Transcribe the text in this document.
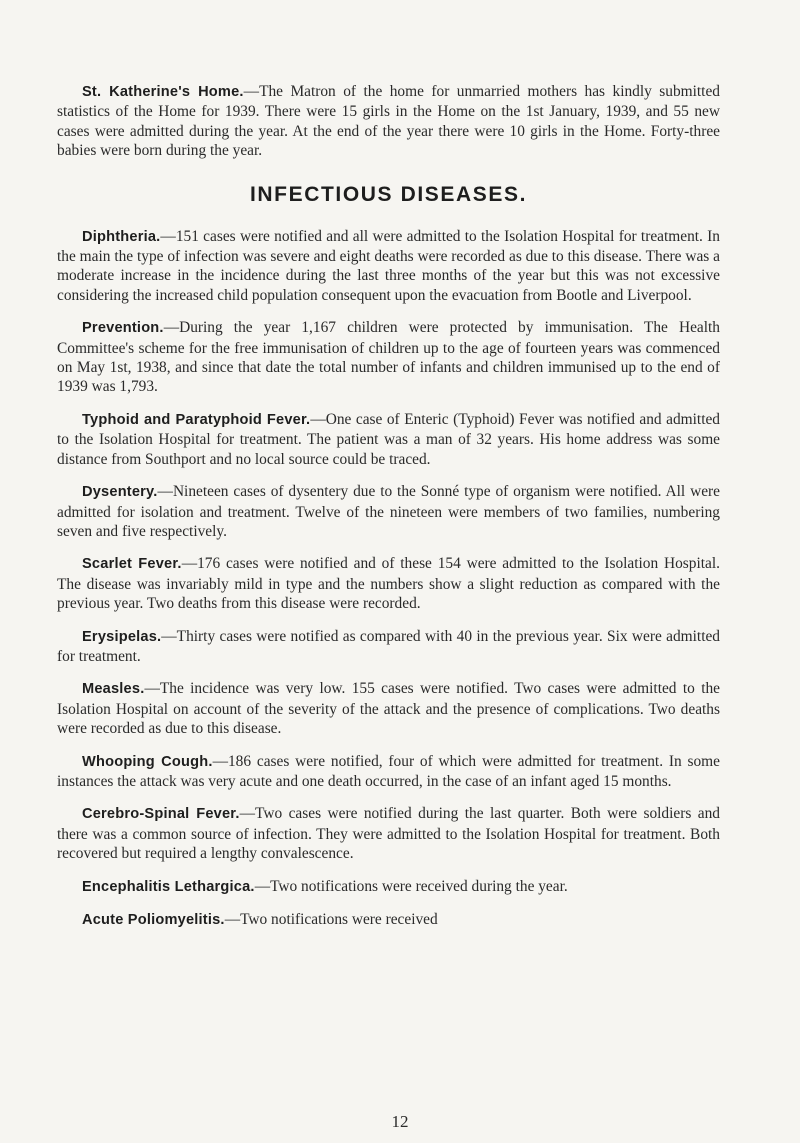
St. Katherine's Home.—The Matron of the home for unmarried mothers has kindly submitted statistics of the Home for 1939. There were 15 girls in the Home on the 1st January, 1939, and 55 new cases were admitted during the year. At the end of the year there were 10 girls in the Home. Forty-three babies were born during the year.

INFECTIOUS DISEASES.

Diphtheria.—151 cases were notified and all were admitted to the Isolation Hospital for treatment. In the main the type of infection was severe and eight deaths were recorded as due to this disease. There was a moderate increase in the incidence during the last three months of the year but this was not excessive considering the increased child population consequent upon the evacuation from Bootle and Liverpool.

Prevention.—During the year 1,167 children were protected by immunisation. The Health Committee's scheme for the free immunisation of children up to the age of fourteen years was commenced on May 1st, 1938, and since that date the total number of infants and children immunised up to the end of 1939 was 1,793.

Typhoid and Paratyphoid Fever.—One case of Enteric (Typhoid) Fever was notified and admitted to the Isolation Hospital for treatment. The patient was a man of 32 years. His home address was some distance from Southport and no local source could be traced.

Dysentery.—Nineteen cases of dysentery due to the Sonné type of organism were notified. All were admitted for isolation and treatment. Twelve of the nineteen were members of two families, numbering seven and five respectively.

Scarlet Fever.—176 cases were notified and of these 154 were admitted to the Isolation Hospital. The disease was invariably mild in type and the numbers show a slight reduction as compared with the previous year. Two deaths from this disease were recorded.

Erysipelas.—Thirty cases were notified as compared with 40 in the previous year. Six were admitted for treatment.

Measles.—The incidence was very low. 155 cases were notified. Two cases were admitted to the Isolation Hospital on account of the severity of the attack and the presence of complications. Two deaths were recorded as due to this disease.

Whooping Cough.—186 cases were notified, four of which were admitted for treatment. In some instances the attack was very acute and one death occurred, in the case of an infant aged 15 months.

Cerebro-Spinal Fever.—Two cases were notified during the last quarter. Both were soldiers and there was a common source of infection. They were admitted to the Isolation Hospital for treatment. Both recovered but required a lengthy convalescence.

Encephalitis Lethargica.—Two notifications were received during the year.

Acute Poliomyelitis.—Two notifications were received

12
